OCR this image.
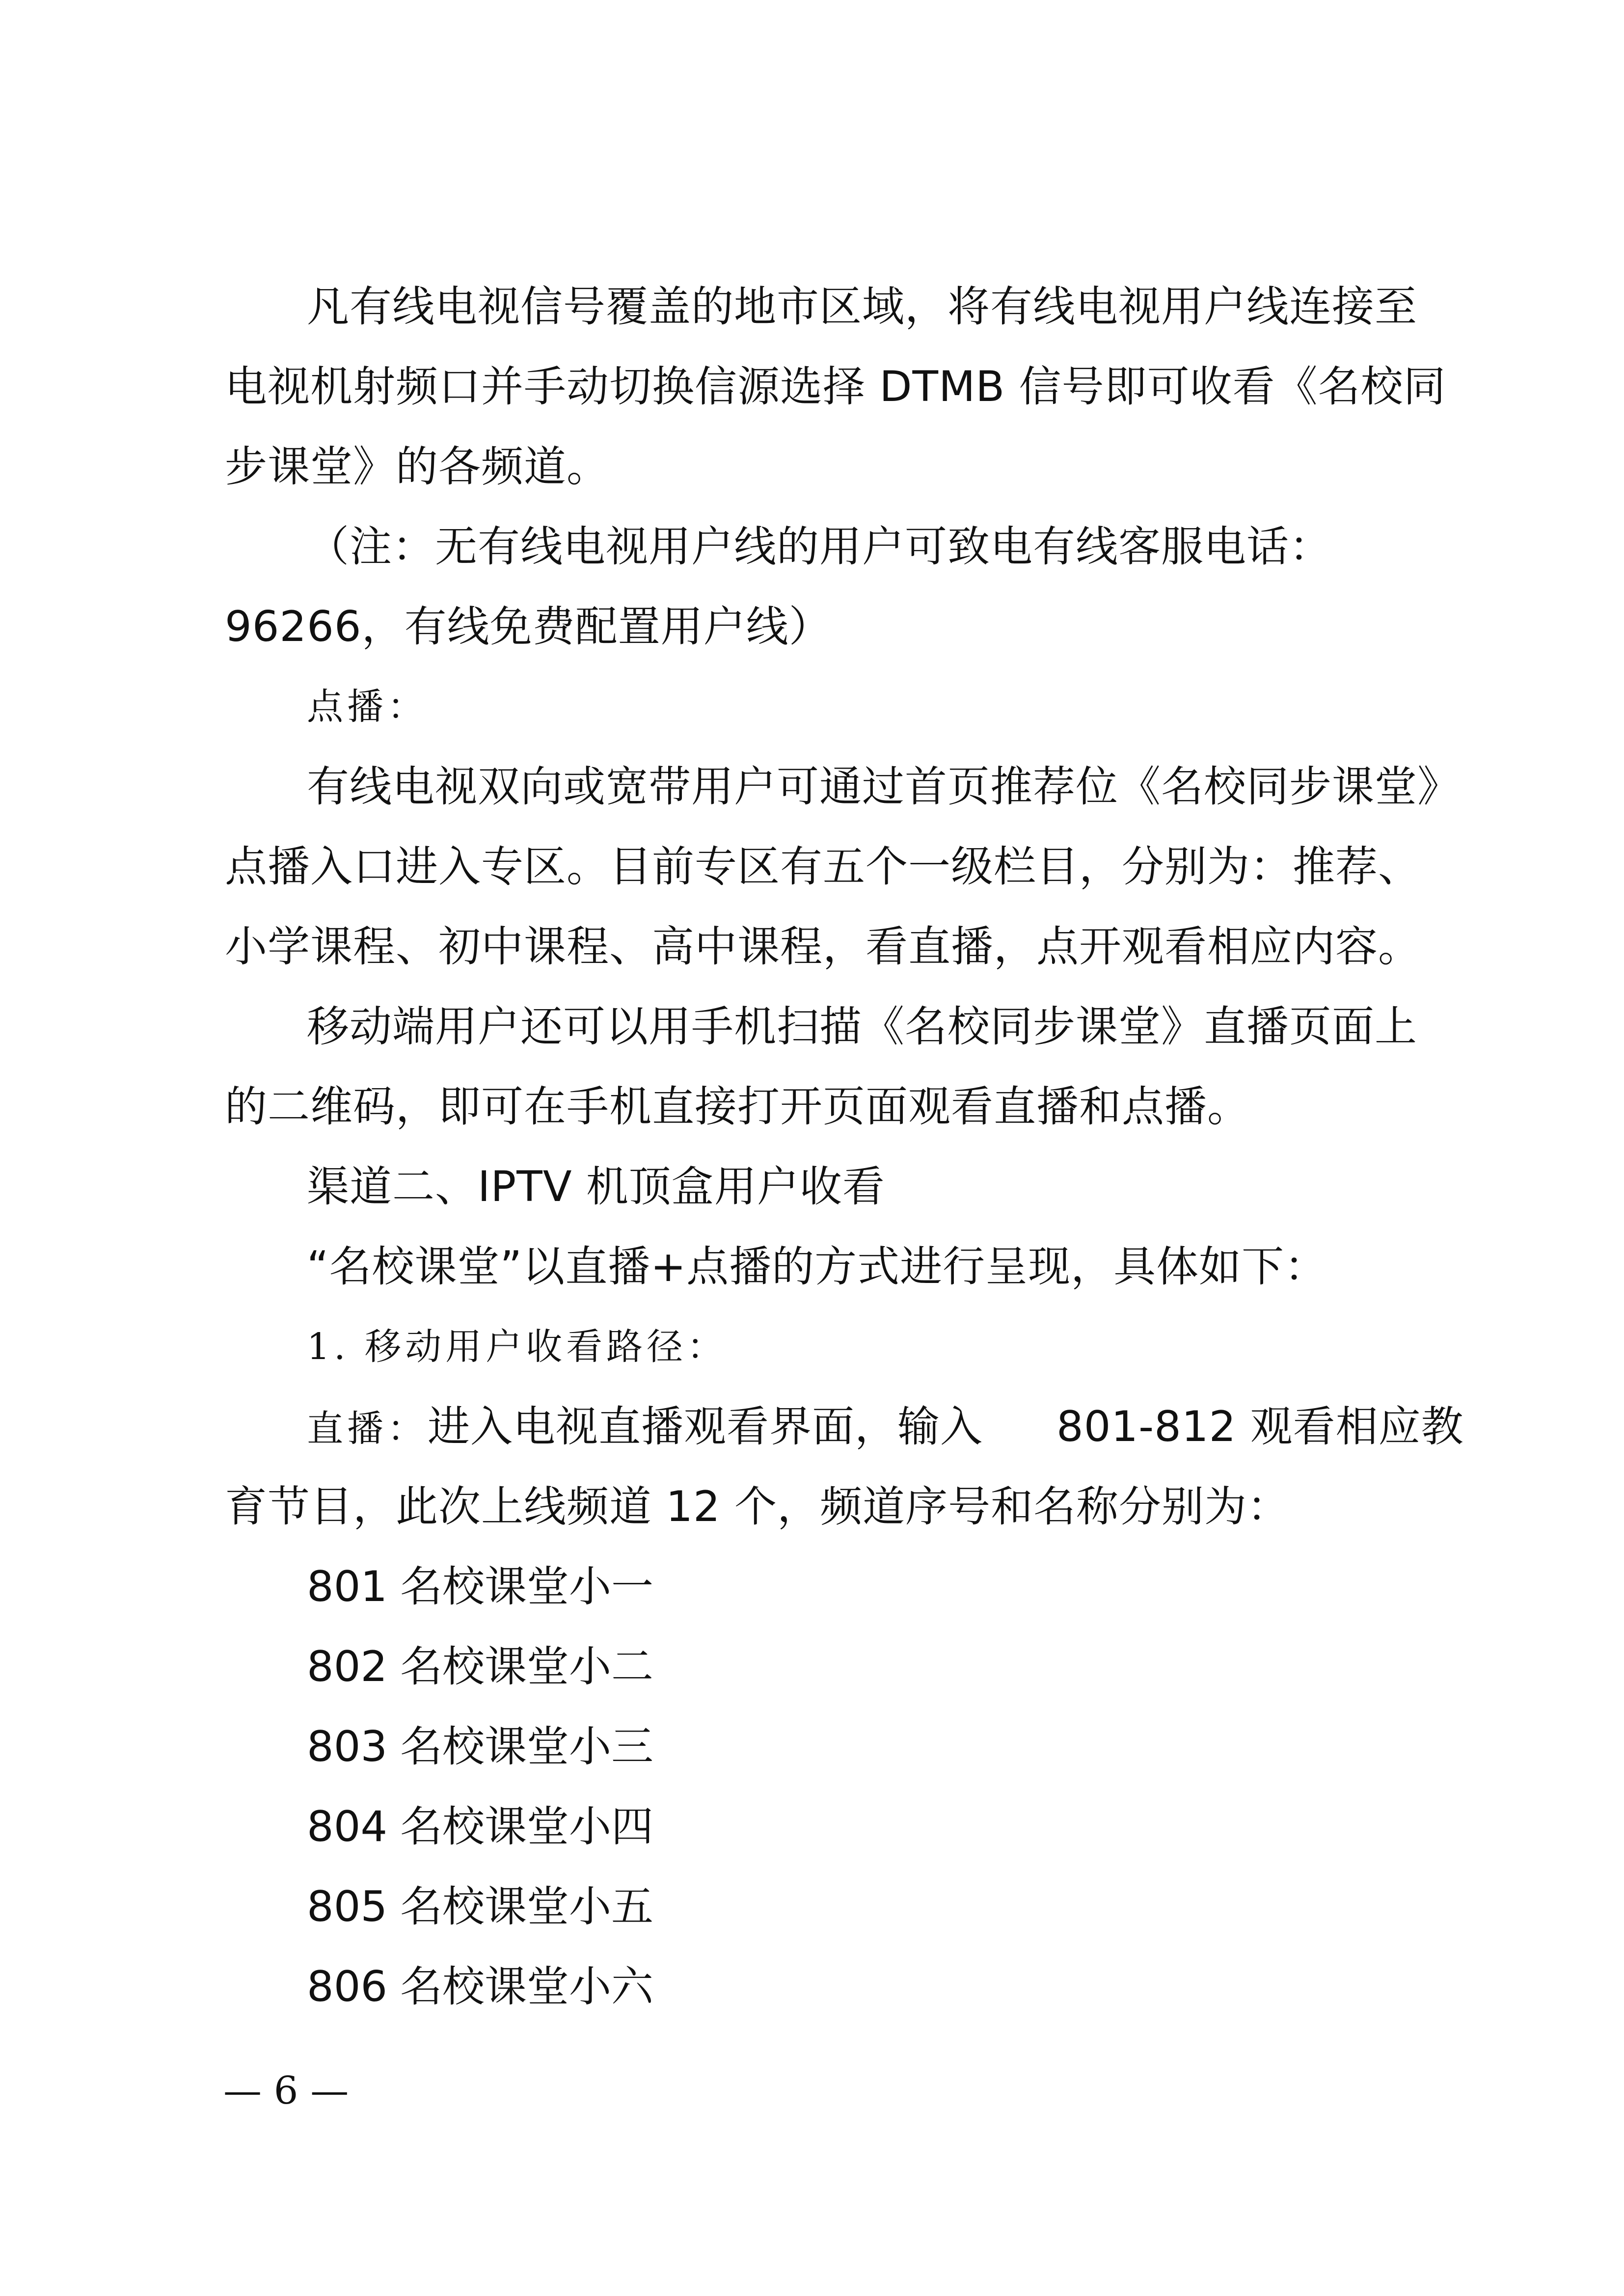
凡有线电视信号覆盖的地市区域，将有线电视用户线连接至
电视机射频口并手动切换信源选择 DTMB 信号即可收看《名校同
步课堂》的各频道。
（注：无有线电视用户线的用户可致电有线客服电话：
96266，有线免费配置用户线）
点播：
有线电视双向或宽带用户可通过首页推荐位《名校同步课堂》
点播入口进入专区。目前专区有五个一级栏目，分别为：推荐、
小学课程、初中课程、高中课程，看直播，点开观看相应内容。
移动端用户还可以用手机扫描《名校同步课堂》直播页面上
的二维码，即可在手机直接打开页面观看直播和点播。
渠道二、IPTV 机顶盒用户收看
“名校课堂”以直播+点播的方式进行呈现，具体如下：
1. 移动用户收看路径：
直播：进入电视直播观看界面，输入 801-812 观看相应教
育节目，此次上线频道 12 个，频道序号和名称分别为：
801 名校课堂小一
802 名校课堂小二
803 名校课堂小三
804 名校课堂小四
805 名校课堂小五
806 名校课堂小六
— 6 —
